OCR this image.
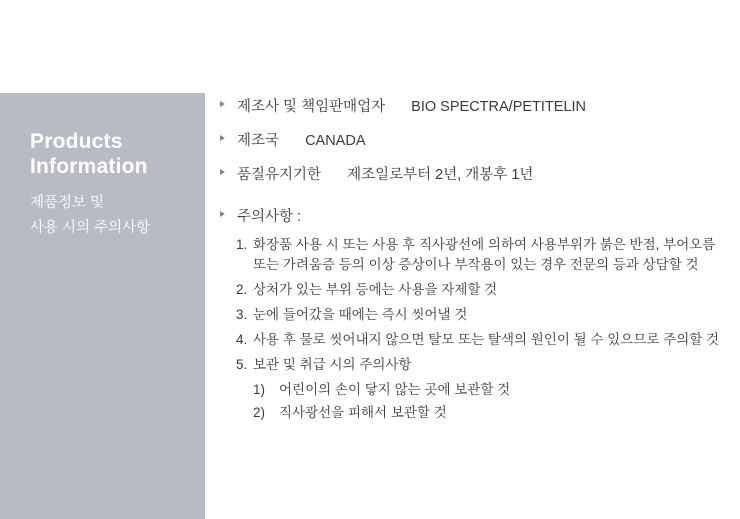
Products
Information
제품정보 및
사용 시의 주의사항
제조사 및 책임판매업자 BIO SPECTRA/PETITELIN
제조국 CANADA
품질유지기한 제조일로부터 2년, 개봉후 1년
주의사항 :
1. 화장품 사용 시 또는 사용 후 직사광선에 의하여 사용부위가 붉은 반점, 부어오름
또는 가려움증 등의 이상 증상이나 부작용이 있는 경우 전문의 등과 상담할 것
2. 상처가 있는 부위 등에는 사용을 자제할 것
3. 눈에 들어갔을 때에는 즉시 씻어낼 것
4. 사용 후 물로 씻어내지 않으면 탈모 또는 탈색의 원인이 될 수 있으므로 주의할 것
5. 보관 및 취급 시의 주의사항
1) 어린이의 손이 닿지 않는 곳에 보관할 것
2) 직사광선을 피해서 보관할 것
